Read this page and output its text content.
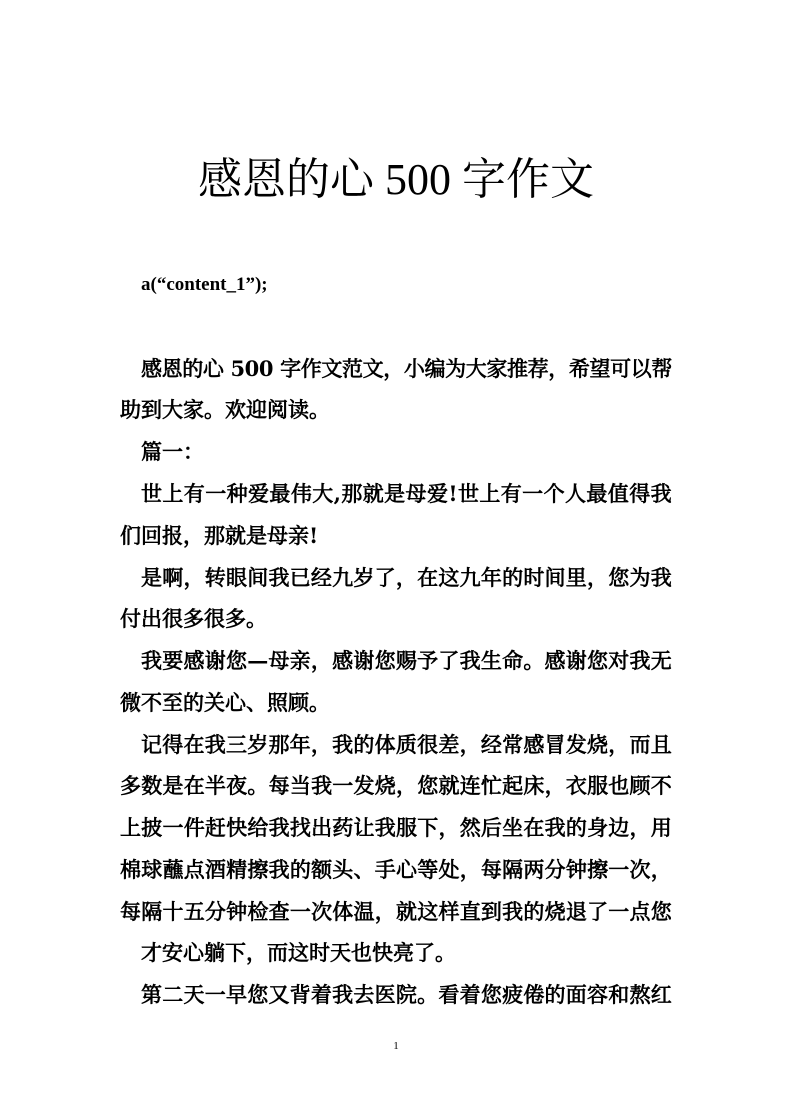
感恩的心 500 字作文
a(“content_1”);
感恩的心 500 字作文范文，小编为大家推荐，希望可以帮
助到大家。欢迎阅读。
篇一：
世上有一种爱最伟大,那就是母爱!世上有一个人最值得我
们回报，那就是母亲!
是啊，转眼间我已经九岁了，在这九年的时间里，您为我
付出很多很多。
我要感谢您—母亲，感谢您赐予了我生命。感谢您对我无
微不至的关心、照顾。
记得在我三岁那年，我的体质很差，经常感冒发烧，而且
多数是在半夜。每当我一发烧，您就连忙起床，衣服也顾不
上披一件赶快给我找出药让我服下，然后坐在我的身边，用
棉球蘸点酒精擦我的额头、手心等处，每隔两分钟擦一次，
每隔十五分钟检查一次体温，就这样直到我的烧退了一点您
才安心躺下，而这时天也快亮了。
第二天一早您又背着我去医院。看着您疲倦的面容和熬红
1
